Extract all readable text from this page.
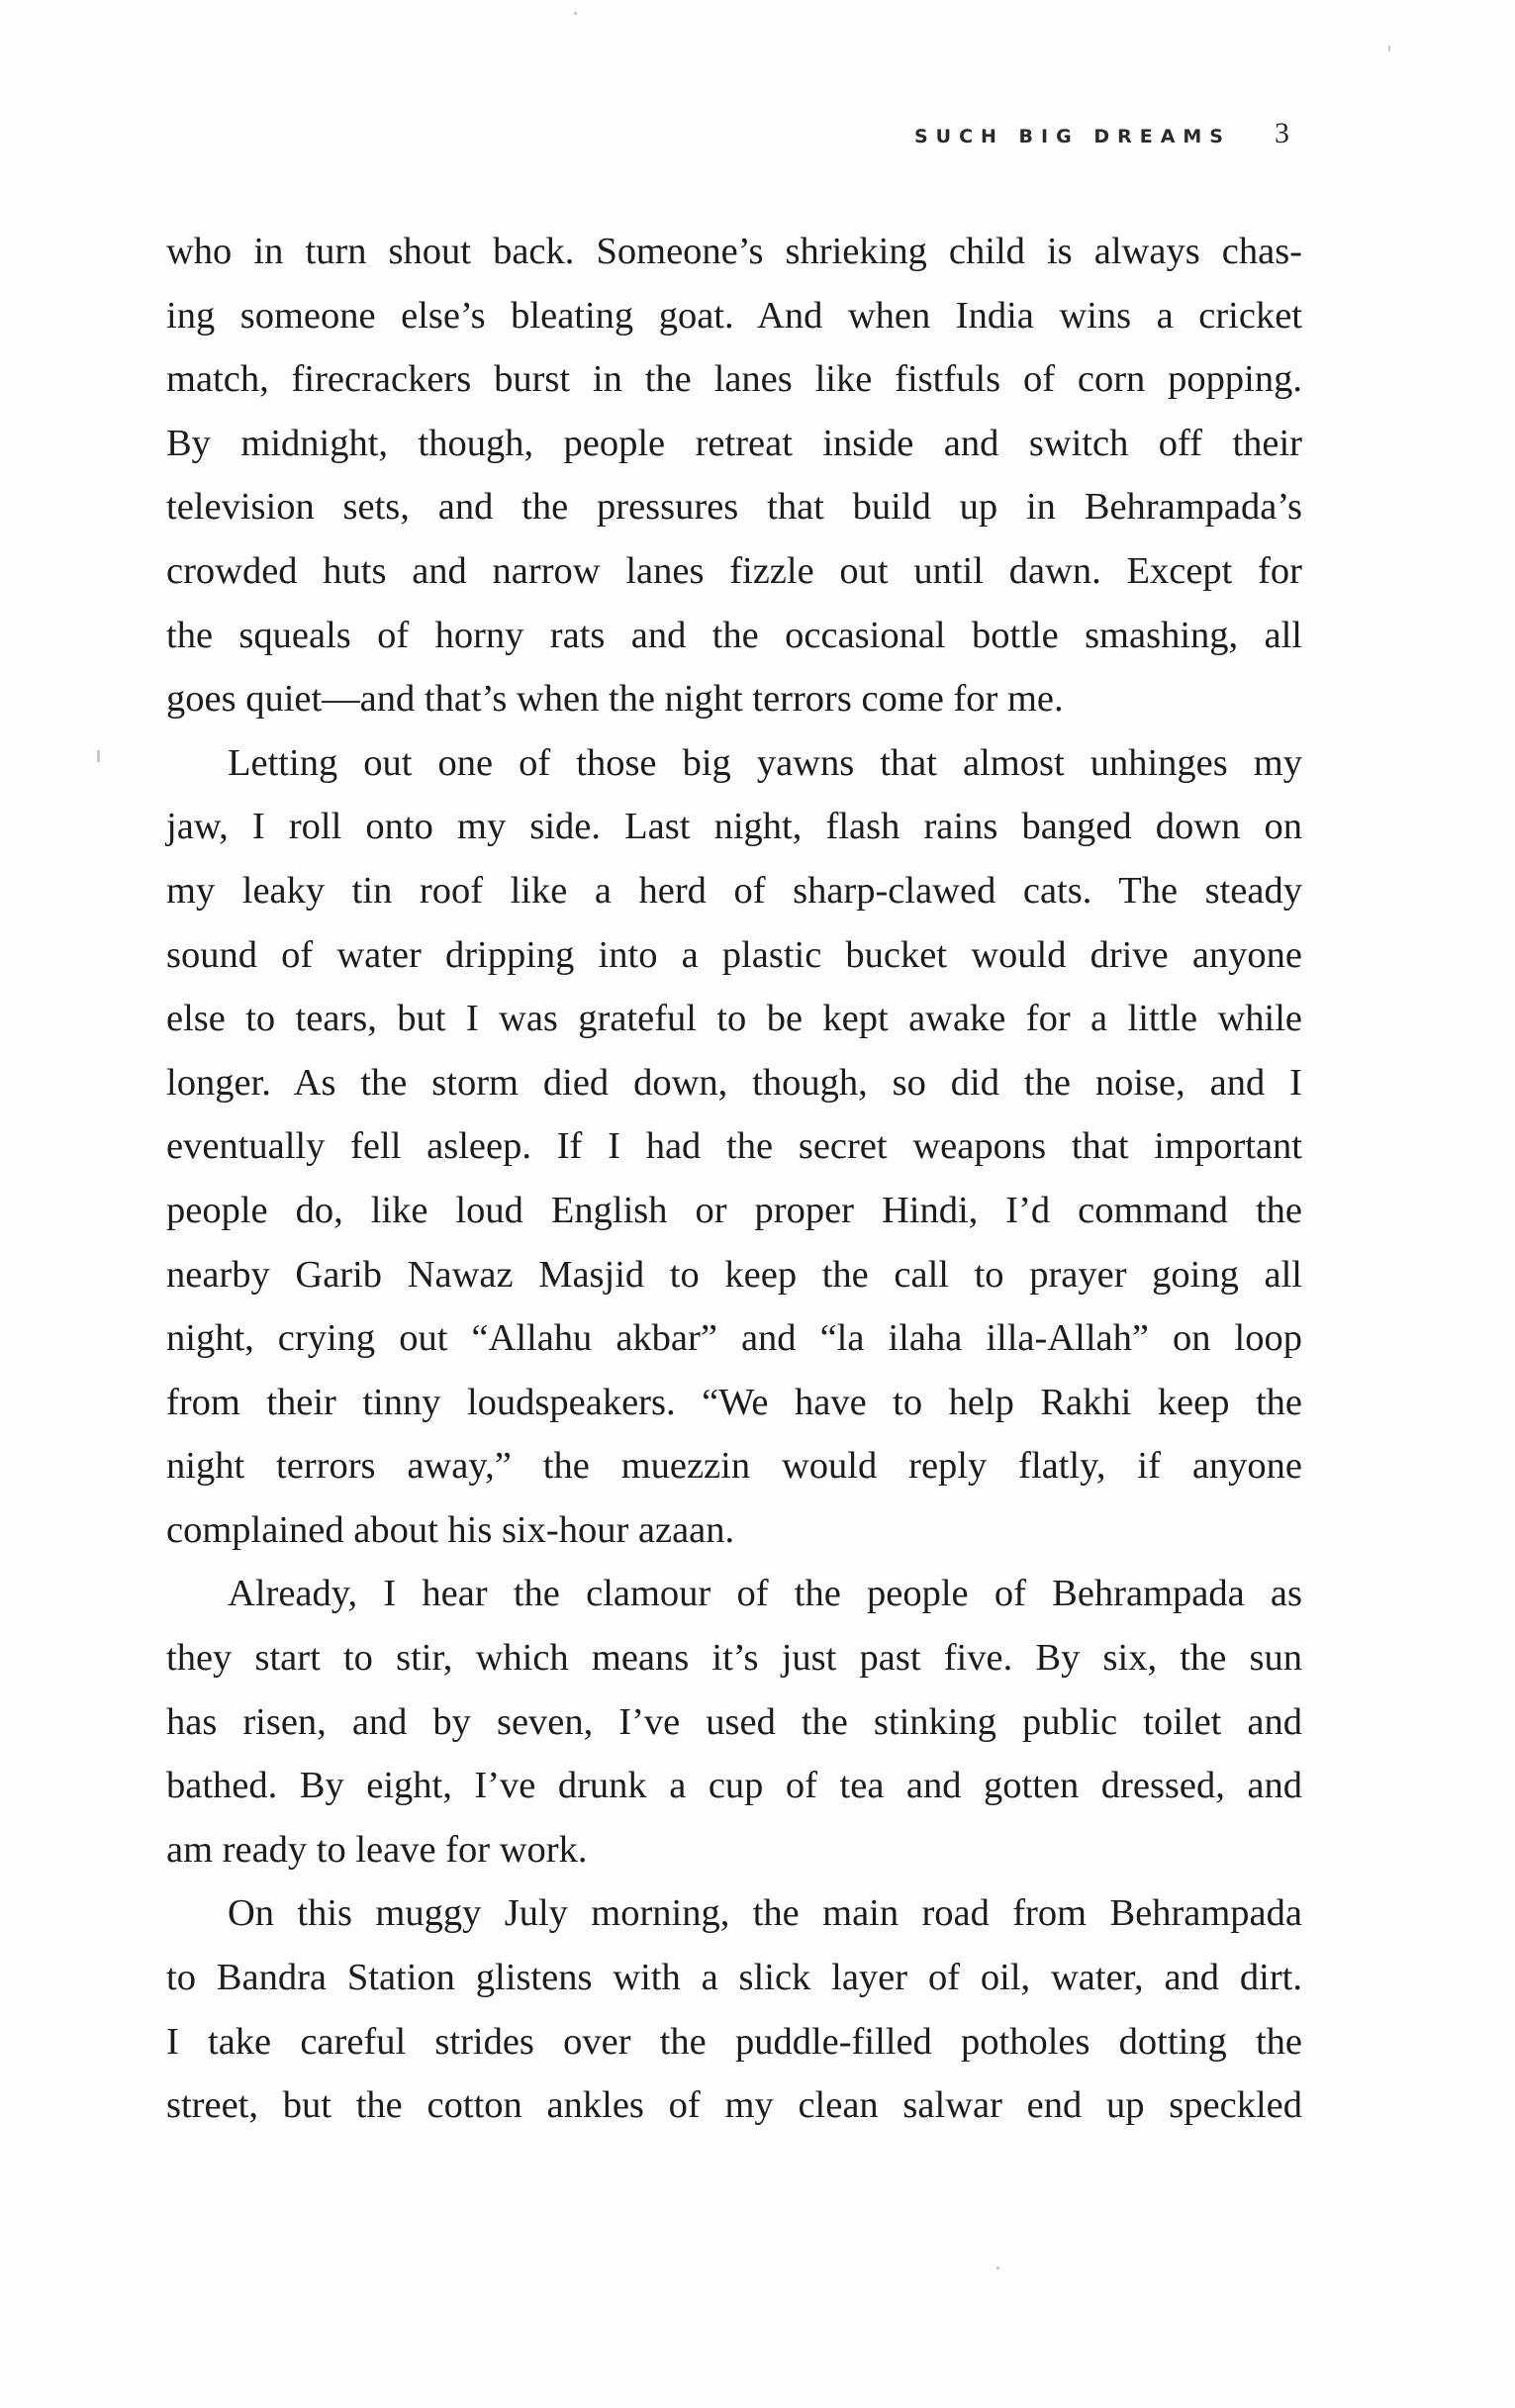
SUCH BIG DREAMS 3
who in turn shout back. Someone’s shrieking child is always chas-
ing someone else’s bleating goat. And when India wins a cricket
match, firecrackers burst in the lanes like fistfuls of corn popping.
By midnight, though, people retreat inside and switch off their
television sets, and the pressures that build up in Behrampada’s
crowded huts and narrow lanes fizzle out until dawn. Except for
the squeals of horny rats and the occasional bottle smashing, all
goes quiet—and that’s when the night terrors come for me.
Letting out one of those big yawns that almost unhinges my
jaw, I roll onto my side. Last night, flash rains banged down on
my leaky tin roof like a herd of sharp-clawed cats. The steady
sound of water dripping into a plastic bucket would drive anyone
else to tears, but I was grateful to be kept awake for a little while
longer. As the storm died down, though, so did the noise, and I
eventually fell asleep. If I had the secret weapons that important
people do, like loud English or proper Hindi, I’d command the
nearby Garib Nawaz Masjid to keep the call to prayer going all
night, crying out “Allahu akbar” and “la ilaha illa-Allah” on loop
from their tinny loudspeakers. “We have to help Rakhi keep the
night terrors away,” the muezzin would reply flatly, if anyone
complained about his six-hour azaan.
Already, I hear the clamour of the people of Behrampada as
they start to stir, which means it’s just past five. By six, the sun
has risen, and by seven, I’ve used the stinking public toilet and
bathed. By eight, I’ve drunk a cup of tea and gotten dressed, and
am ready to leave for work.
On this muggy July morning, the main road from Behrampada
to Bandra Station glistens with a slick layer of oil, water, and dirt.
I take careful strides over the puddle-filled potholes dotting the
street, but the cotton ankles of my clean salwar end up speckled
